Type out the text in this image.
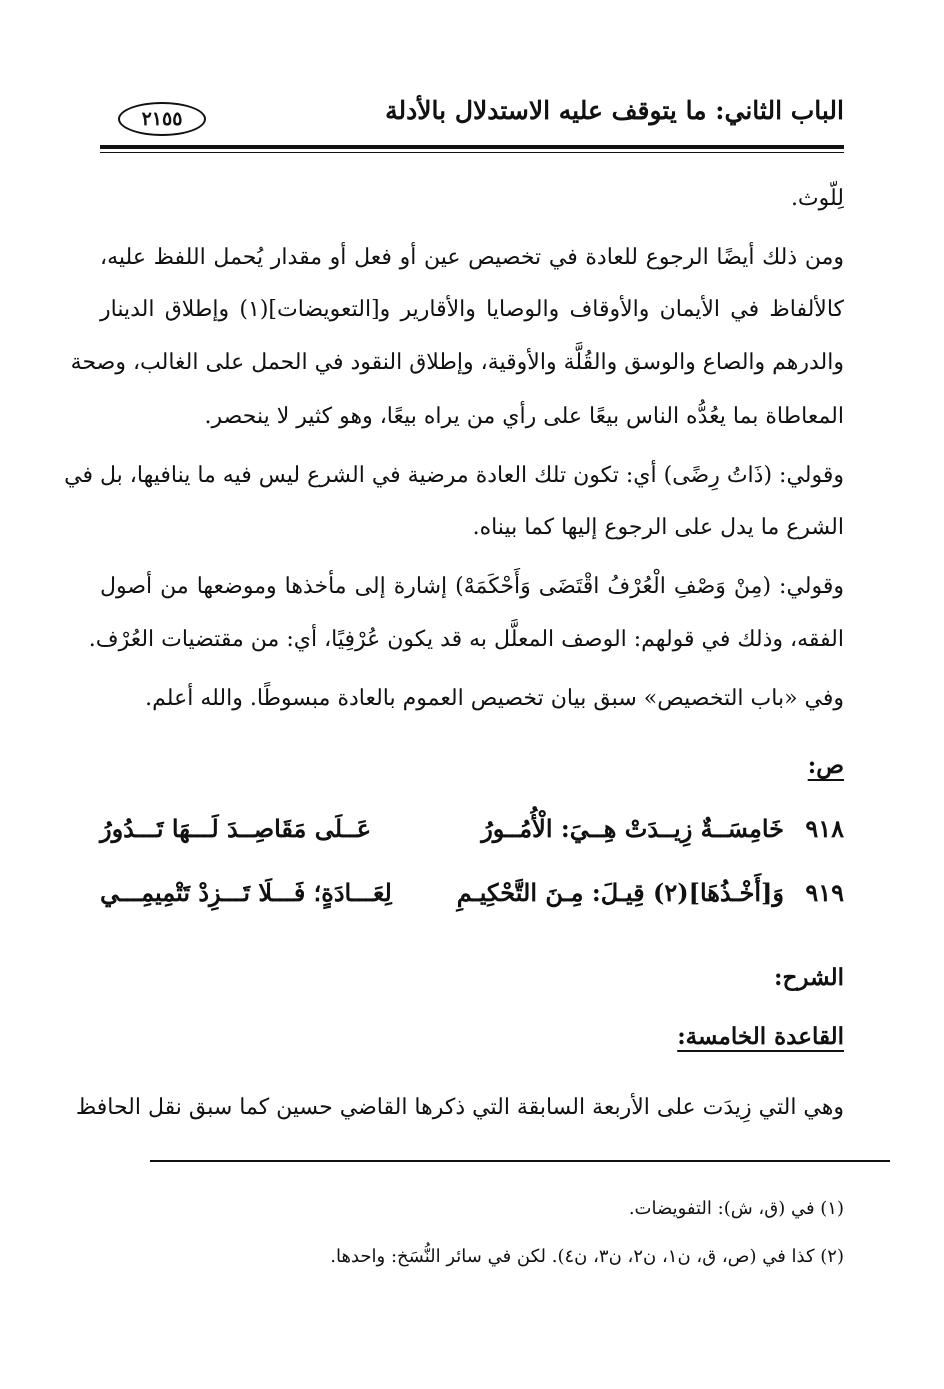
الباب الثاني: ما يتوقف عليه الاستدلال بالأدلة
٢١٥٥
لِلّوث.
ومن ذلك أيضًا الرجوع للعادة في تخصيص عين أو فعل أو مقدار يُحمل اللفظ عليه،
كالألفاظ في الأيمان والأوقاف والوصايا والأقارير و[التعويضات](١) وإطلاق الدينار
والدرهم والصاع والوسق والقُلَّة والأوقية، وإطلاق النقود في الحمل على الغالب، وصحة
المعاطاة بما يعُدُّه الناس بيعًا على رأي من يراه بيعًا، وهو كثير لا ينحصر.
وقولي: (ذَاتُ رِضًى) أي: تكون تلك العادة مرضية في الشرع ليس فيه ما ينافيها، بل في
الشرع ما يدل على الرجوع إليها كما بيناه.
وقولي: (مِنْ وَصْفِ الْعُرْفُ اقْتَضَى وَأَحْكَمَهْ) إشارة إلى مأخذها وموضعها من أصول
الفقه، وذلك في قولهم: الوصف المعلَّل به قد يكون عُرْفِيًا، أي: من مقتضيات العُرْف.
وفي «باب التخصيص» سبق بيان تخصيص العموم بالعادة مبسوطًا. والله أعلم.
ص:
٩١٨
خَامِسَــةٌ زِيــدَتْ هِــيَ: الْأُمُــورُ
عَــلَى مَقَاصِــدَ لَـــهَا تَـــدُورُ
٩١٩
وَ[أَخْـذُهَا](٢) قِيـلَ: مِـنَ التَّحْكِيـمِ
لِعَـــادَةٍ؛ فَـــلَا تَـــزِدْ تَتْمِيمِـــي
الشرح:
القاعدة الخامسة:
وهي التي زِيدَت على الأربعة السابقة التي ذكرها القاضي حسين كما سبق نقل الحافظ
(١) في (ق، ش): التفويضات.
(٢) كذا في (ص، ق، ن١، ن٢، ن٣، ن٤). لكن في سائر النُّسَخ: واحدها.
